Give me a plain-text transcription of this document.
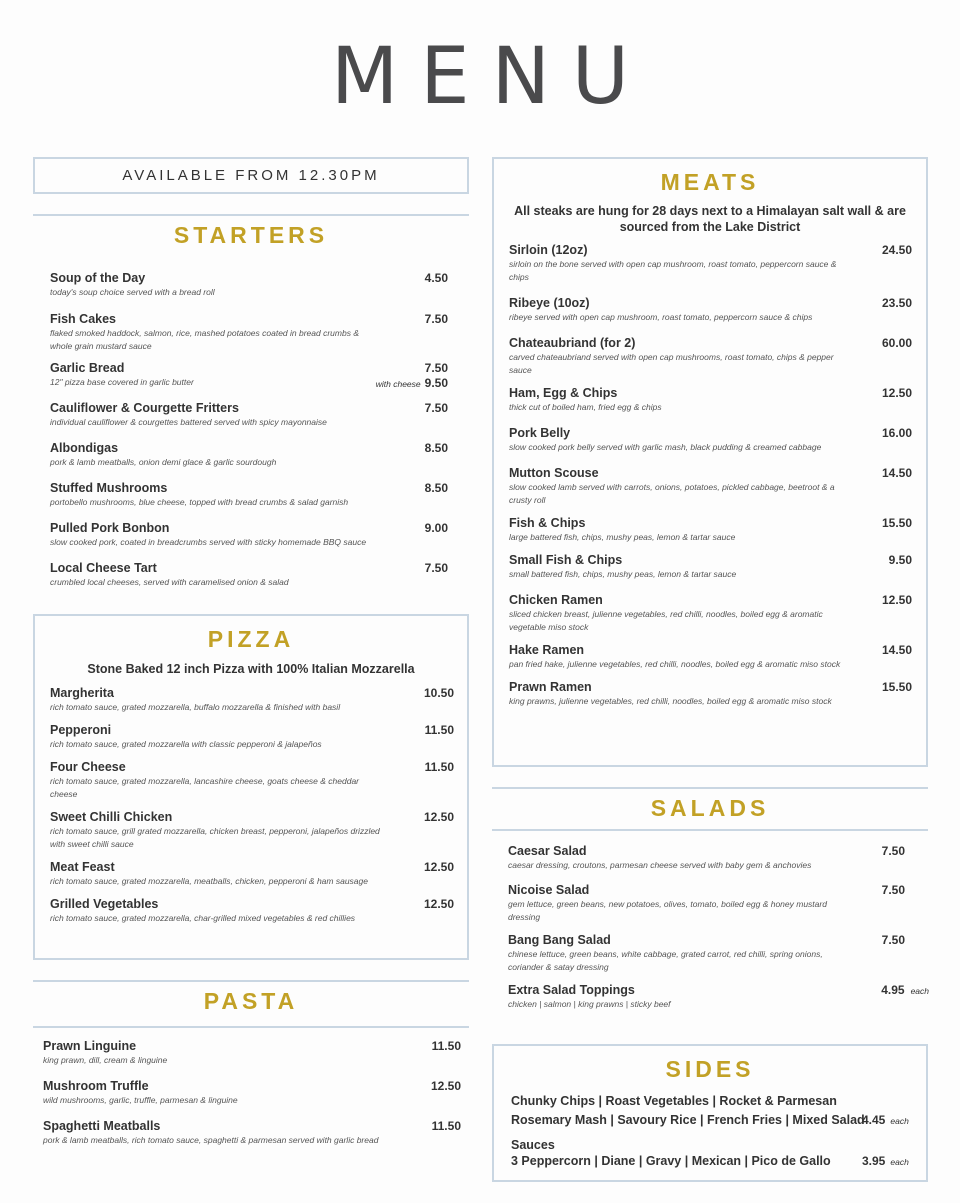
MENU
AVAILABLE FROM 12.30PM
STARTERS
Soup of the Day
today's soup choice served with a bread roll
4.50
Fish Cakes
flaked smoked haddock, salmon, rice, mashed potatoes coated in bread crumbs & whole grain mustard sauce
7.50
Garlic Bread
12" pizza base covered in garlic butter
7.50
with cheese 9.50
Cauliflower & Courgette Fritters
individual cauliflower & courgettes battered served with spicy mayonnaise
7.50
Albondigas
pork & lamb meatballs, onion demi glace & garlic sourdough
8.50
Stuffed Mushrooms
portobello mushrooms, blue cheese, topped with bread crumbs & salad garnish
8.50
Pulled Pork Bonbon
slow cooked pork, coated in breadcrumbs served with sticky homemade BBQ sauce
9.00
Local Cheese Tart
crumbled local cheeses, served with caramelised onion & salad
7.50
PIZZA
Stone Baked 12 inch Pizza with 100% Italian Mozzarella
Margherita
rich tomato sauce, grated mozzarella, buffalo mozzarella & finished with basil
10.50
Pepperoni
rich tomato sauce, grated mozzarella with classic pepperoni & jalapeños
11.50
Four Cheese
rich tomato sauce, grated mozzarella, lancashire cheese, goats cheese & cheddar cheese
11.50
Sweet Chilli Chicken
rich tomato sauce, grill grated mozzarella, chicken breast, pepperoni, jalapeños drizzled with sweet chilli sauce
12.50
Meat Feast
rich tomato sauce, grated mozzarella, meatballs, chicken, pepperoni & ham sausage
12.50
Grilled Vegetables
rich tomato sauce, grated mozzarella, char-grilled mixed vegetables & red chillies
12.50
PASTA
Prawn Linguine
king prawn, dill, cream & linguine
11.50
Mushroom Truffle
wild mushrooms, garlic, truffle, parmesan & linguine
12.50
Spaghetti Meatballs
pork & lamb meatballs, rich tomato sauce, spaghetti & parmesan served with garlic bread
11.50
MEATS
All steaks are hung for 28 days next to a Himalayan salt wall & are sourced from the Lake District
Sirloin (12oz)
sirloin on the bone served with open cap mushroom, roast tomato, peppercorn sauce & chips
24.50
Ribeye (10oz)
ribeye served with open cap mushroom, roast tomato, peppercorn sauce & chips
23.50
Chateaubriand (for 2)
carved chateaubriand served with open cap mushrooms, roast tomato, chips & pepper sauce
60.00
Ham, Egg & Chips
thick cut of boiled ham, fried egg & chips
12.50
Pork Belly
slow cooked pork belly served with garlic mash, black pudding & creamed cabbage
16.00
Mutton Scouse
slow cooked lamb served with carrots, onions, potatoes, pickled cabbage, beetroot & a crusty roll
14.50
Fish & Chips
large battered fish, chips, mushy peas, lemon & tartar sauce
15.50
Small Fish & Chips
small battered fish, chips, mushy peas, lemon & tartar sauce
9.50
Chicken Ramen
sliced chicken breast, julienne vegetables, red chilli, noodles, boiled egg & aromatic vegetable miso stock
12.50
Hake Ramen
pan fried hake, julienne vegetables, red chilli, noodles, boiled egg & aromatic miso stock
14.50
Prawn Ramen
king prawns, julienne vegetables, red chilli, noodles, boiled egg & aromatic miso stock
15.50
SALADS
Caesar Salad
caesar dressing, croutons, parmesan cheese served with baby gem & anchovies
7.50
Nicoise Salad
gem lettuce, green beans, new potatoes, olives, tomato, boiled egg & honey mustard dressing
7.50
Bang Bang Salad
chinese lettuce, green beans, white cabbage, grated carrot, red chilli, spring onions, coriander & satay dressing
7.50
Extra Salad Toppings
chicken | salmon | king prawns | sticky beef
4.95 each
SIDES
Chunky Chips | Roast Vegetables | Rocket & Parmesan
Rosemary Mash | Savoury Rice | French Fries | Mixed Salad
4.45 each
Sauces
3 Peppercorn | Diane | Gravy | Mexican | Pico de Gallo	3.95 each
